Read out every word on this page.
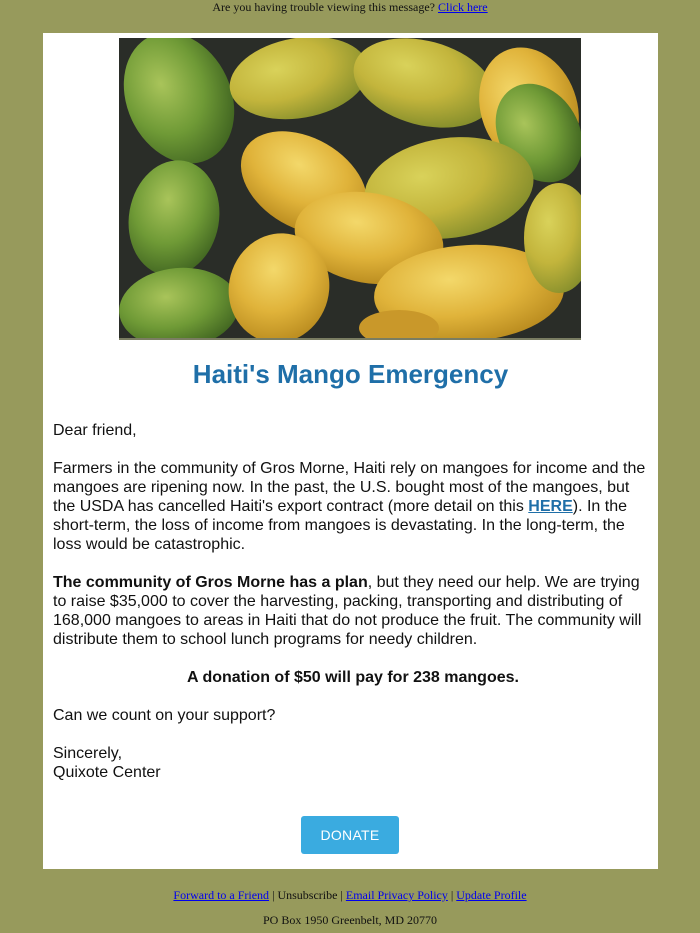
Are you having trouble viewing this message? Click here
Haiti's Mango Emergency

Dear friend,

Farmers in the community of Gros Morne, Haiti rely on mangoes for income and the mangoes are ripening now. In the past, the U.S. bought most of the mangoes, but the USDA has cancelled Haiti's export contract (more detail on this HERE). In the short-term, the loss of income from mangoes is devastating. In the long-term, the loss would be catastrophic.

The community of Gros Morne has a plan, but they need our help. We are trying to raise $35,000 to cover the harvesting, packing, transporting and distributing of 168,000 mangoes to areas in Haiti that do not produce the fruit. The community will distribute them to school lunch programs for needy children.

A donation of $50 will pay for 238 mangoes.

Can we count on your support?

Sincerely,
Quixote Center

DONATE
Forward to a Friend | Unsubscribe | Email Privacy Policy | Update Profile
PO Box 1950 Greenbelt, MD 20770
